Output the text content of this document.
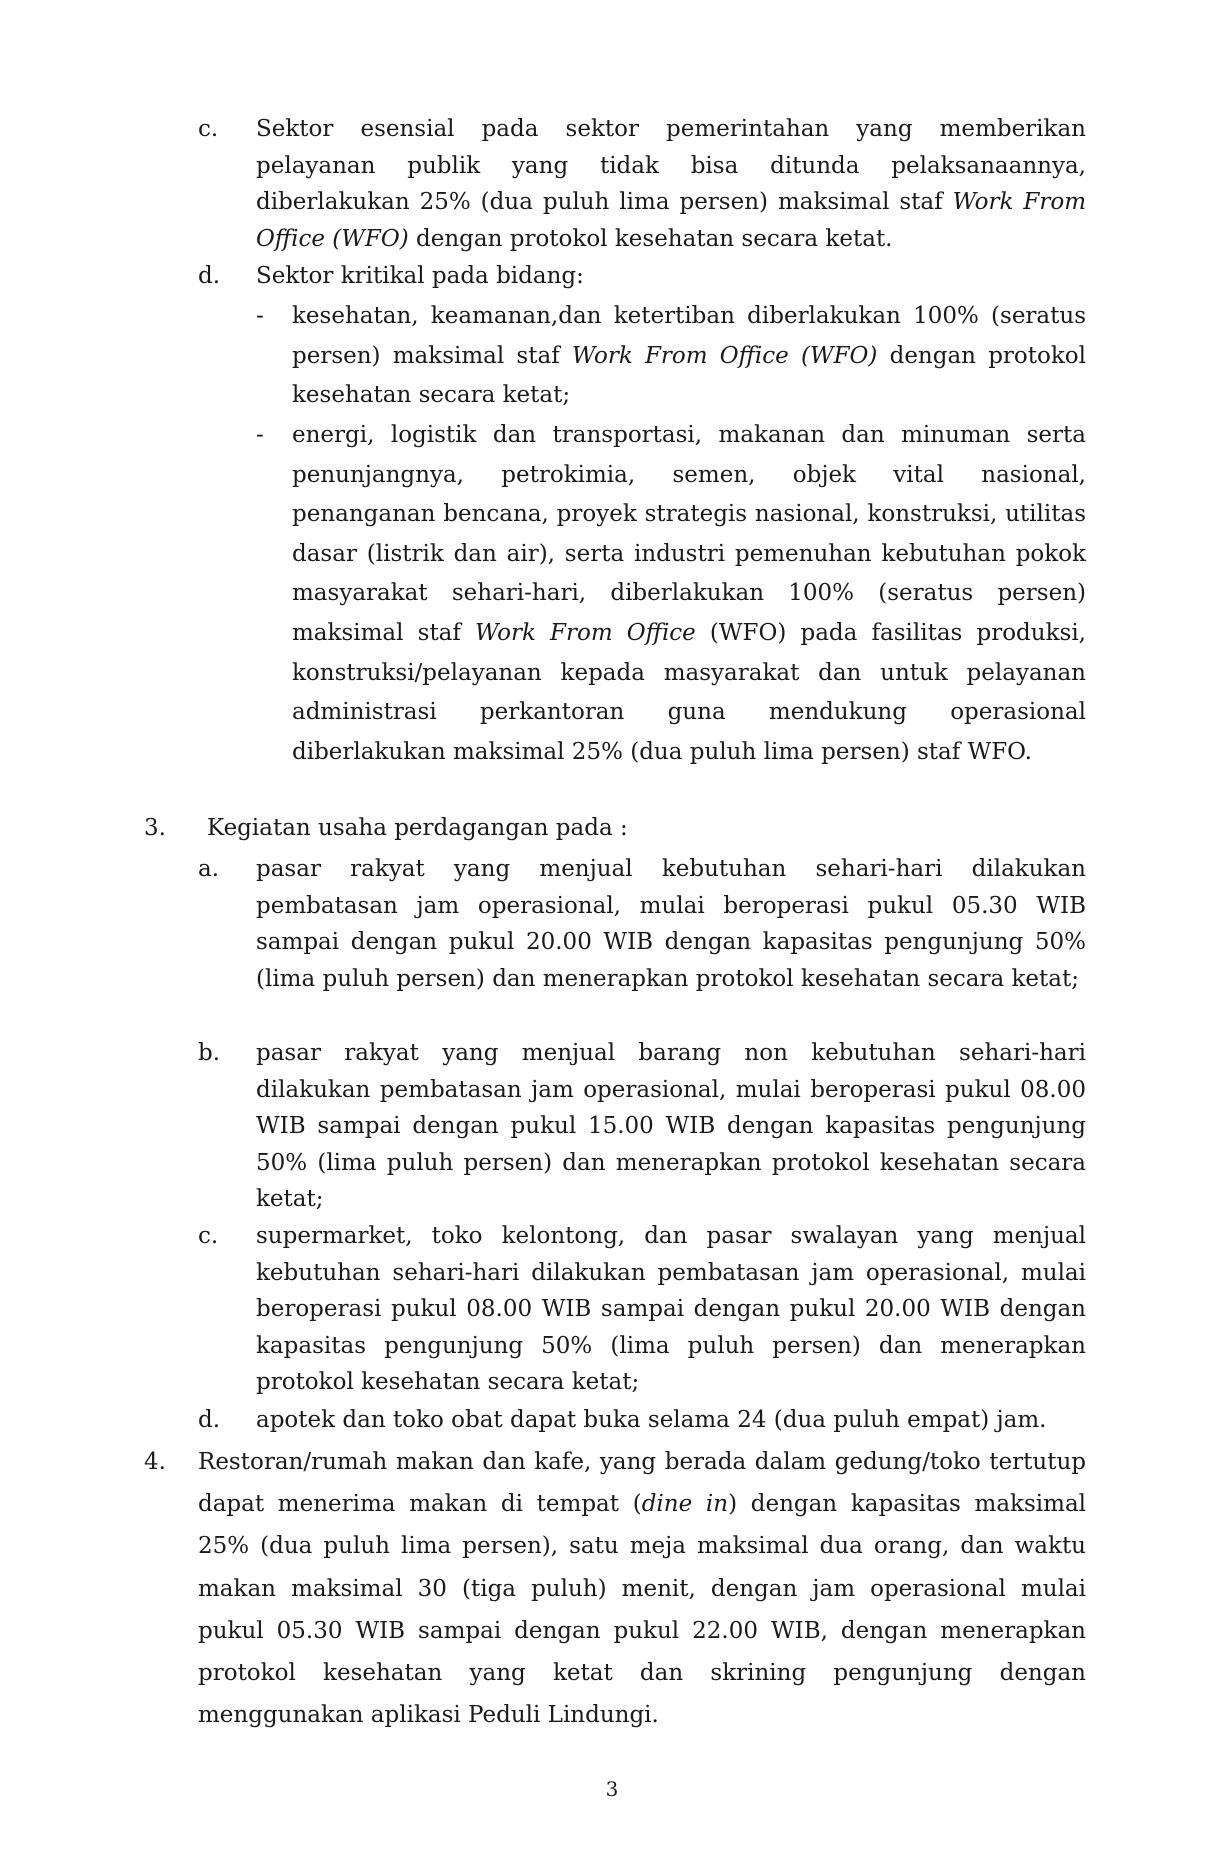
c. Sektor esensial pada sektor pemerintahan yang memberikan pelayanan publik yang tidak bisa ditunda pelaksanaannya, diberlakukan 25% (dua puluh lima persen) maksimal staf Work From Office (WFO) dengan protokol kesehatan secara ketat.

d. Sektor kritikal pada bidang:

- kesehatan, keamanan,dan ketertiban diberlakukan 100% (seratus persen) maksimal staf Work From Office (WFO) dengan protokol kesehatan secara ketat;

- energi, logistik dan transportasi, makanan dan minuman serta penunjangnya, petrokimia, semen, objek vital nasional, penanganan bencana, proyek strategis nasional, konstruksi, utilitas dasar (listrik dan air), serta industri pemenuhan kebutuhan pokok masyarakat sehari-hari, diberlakukan 100% (seratus persen) maksimal staf Work From Office (WFO) pada fasilitas produksi, konstruksi/pelayanan kepada masyarakat dan untuk pelayanan administrasi perkantoran guna mendukung operasional diberlakukan maksimal 25% (dua puluh lima persen) staf WFO.

3. Kegiatan usaha perdagangan pada :

a. pasar rakyat yang menjual kebutuhan sehari-hari dilakukan pembatasan jam operasional, mulai beroperasi pukul 05.30 WIB sampai dengan pukul 20.00 WIB dengan kapasitas pengunjung 50% (lima puluh persen) dan menerapkan protokol kesehatan secara ketat;

b. pasar rakyat yang menjual barang non kebutuhan sehari-hari dilakukan pembatasan jam operasional, mulai beroperasi pukul 08.00 WIB sampai dengan pukul 15.00 WIB dengan kapasitas pengunjung 50% (lima puluh persen) dan menerapkan protokol kesehatan secara ketat;

c. supermarket, toko kelontong, dan pasar swalayan yang menjual kebutuhan sehari-hari dilakukan pembatasan jam operasional, mulai beroperasi pukul 08.00 WIB sampai dengan pukul 20.00 WIB dengan kapasitas pengunjung 50% (lima puluh persen) dan menerapkan protokol kesehatan secara ketat;

d. apotek dan toko obat dapat buka selama 24 (dua puluh empat) jam.

4. Restoran/rumah makan dan kafe, yang berada dalam gedung/toko tertutup dapat menerima makan di tempat (dine in) dengan kapasitas maksimal 25% (dua puluh lima persen), satu meja maksimal dua orang, dan waktu makan maksimal 30 (tiga puluh) menit, dengan jam operasional mulai pukul 05.30 WIB sampai dengan pukul 22.00 WIB, dengan menerapkan protokol kesehatan yang ketat dan skrining pengunjung dengan menggunakan aplikasi Peduli Lindungi.

3
